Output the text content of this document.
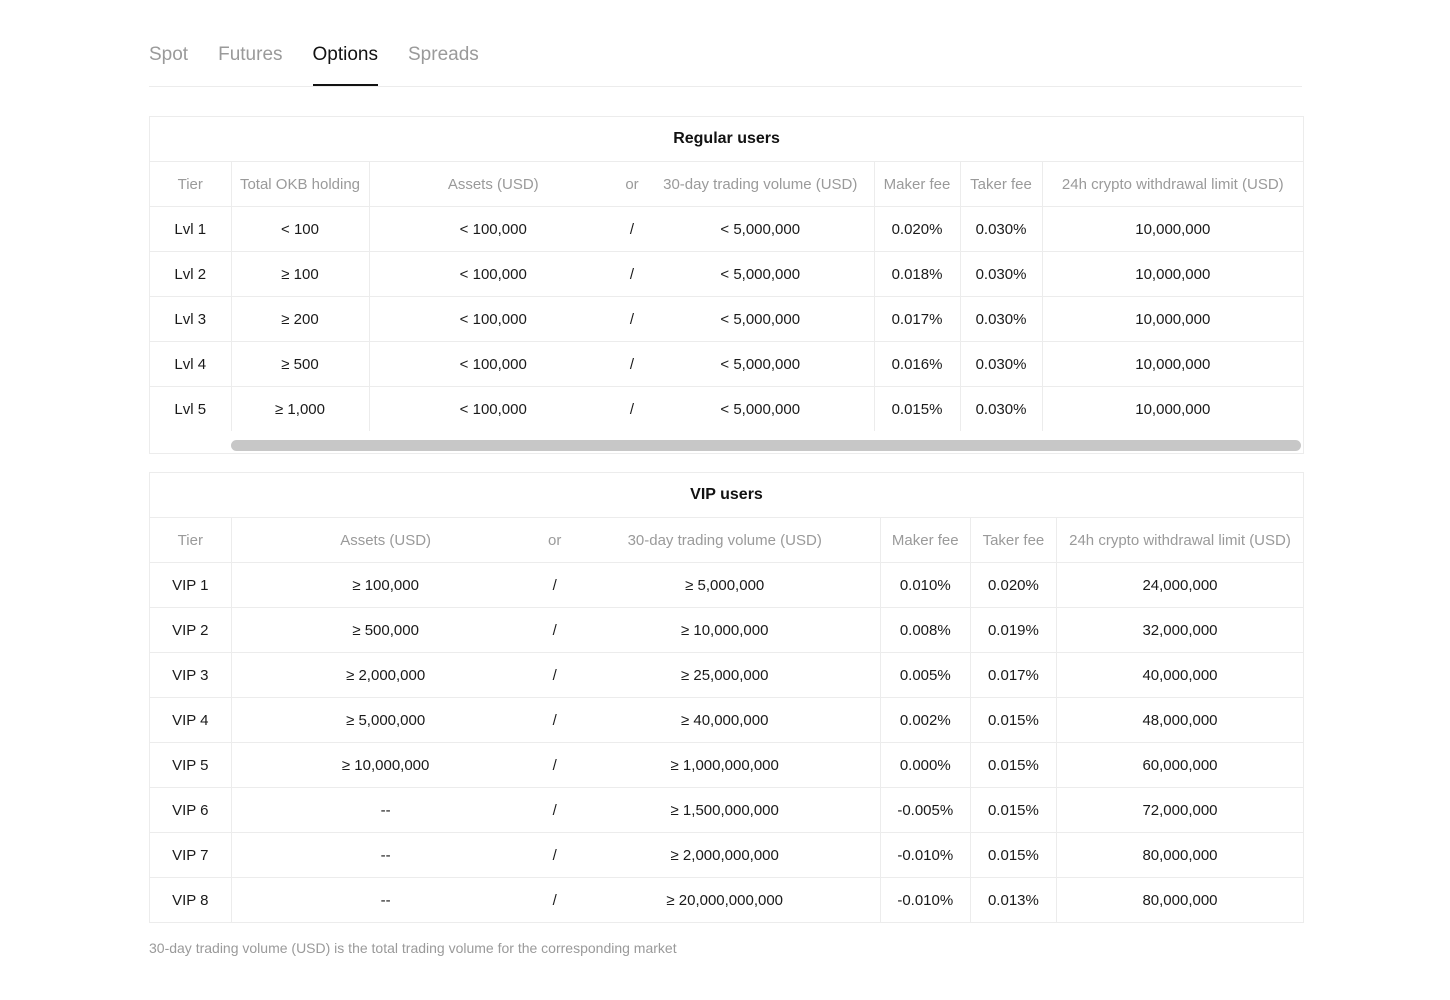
Spot Futures Options Spreads
Regular users							
Tier	Total OKB holding	Assets (USD)	or	30-day trading volume (USD)	Maker fee	Taker fee	24h crypto withdrawal limit (USD)
Lvl 1	< 100	< 100,000	/	< 5,000,000	0.020%	0.030%	10,000,000
Lvl 2	≥ 100	< 100,000	/	< 5,000,000	0.018%	0.030%	10,000,000
Lvl 3	≥ 200	< 100,000	/	< 5,000,000	0.017%	0.030%	10,000,000
Lvl 4	≥ 500	< 100,000	/	< 5,000,000	0.016%	0.030%	10,000,000
Lvl 5	≥ 1,000	< 100,000	/	< 5,000,000	0.015%	0.030%	10,000,000
VIP users						
Tier	Assets (USD)	or	30-day trading volume (USD)	Maker fee	Taker fee	24h crypto withdrawal limit (USD)
VIP 1	≥ 100,000	/	≥ 5,000,000	0.010%	0.020%	24,000,000
VIP 2	≥ 500,000	/	≥ 10,000,000	0.008%	0.019%	32,000,000
VIP 3	≥ 2,000,000	/	≥ 25,000,000	0.005%	0.017%	40,000,000
VIP 4	≥ 5,000,000	/	≥ 40,000,000	0.002%	0.015%	48,000,000
VIP 5	≥ 10,000,000	/	≥ 1,000,000,000	0.000%	0.015%	60,000,000
VIP 6	--	/	≥ 1,500,000,000	-0.005%	0.015%	72,000,000
VIP 7	--	/	≥ 2,000,000,000	-0.010%	0.015%	80,000,000
VIP 8	--	/	≥ 20,000,000,000	-0.010%	0.013%	80,000,000
30-day trading volume (USD) is the total trading volume for the corresponding market
